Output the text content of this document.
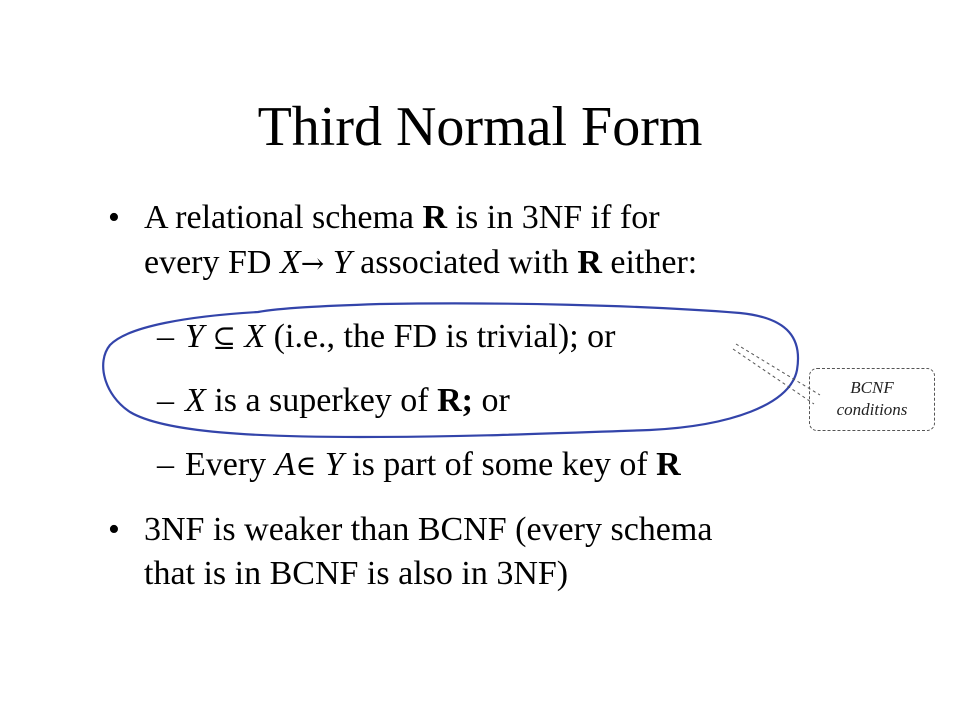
Third Normal Form
• A relational schema R is in 3NF if for
every FD X→ Y associated with R either:
– Y ⊆ X (i.e., the FD is trivial); or
– X is a superkey of R; or
– Every A∈ Y is part of some key of R
• 3NF is weaker than BCNF (every schema
that is in BCNF is also in 3NF)
BCNF
conditions
